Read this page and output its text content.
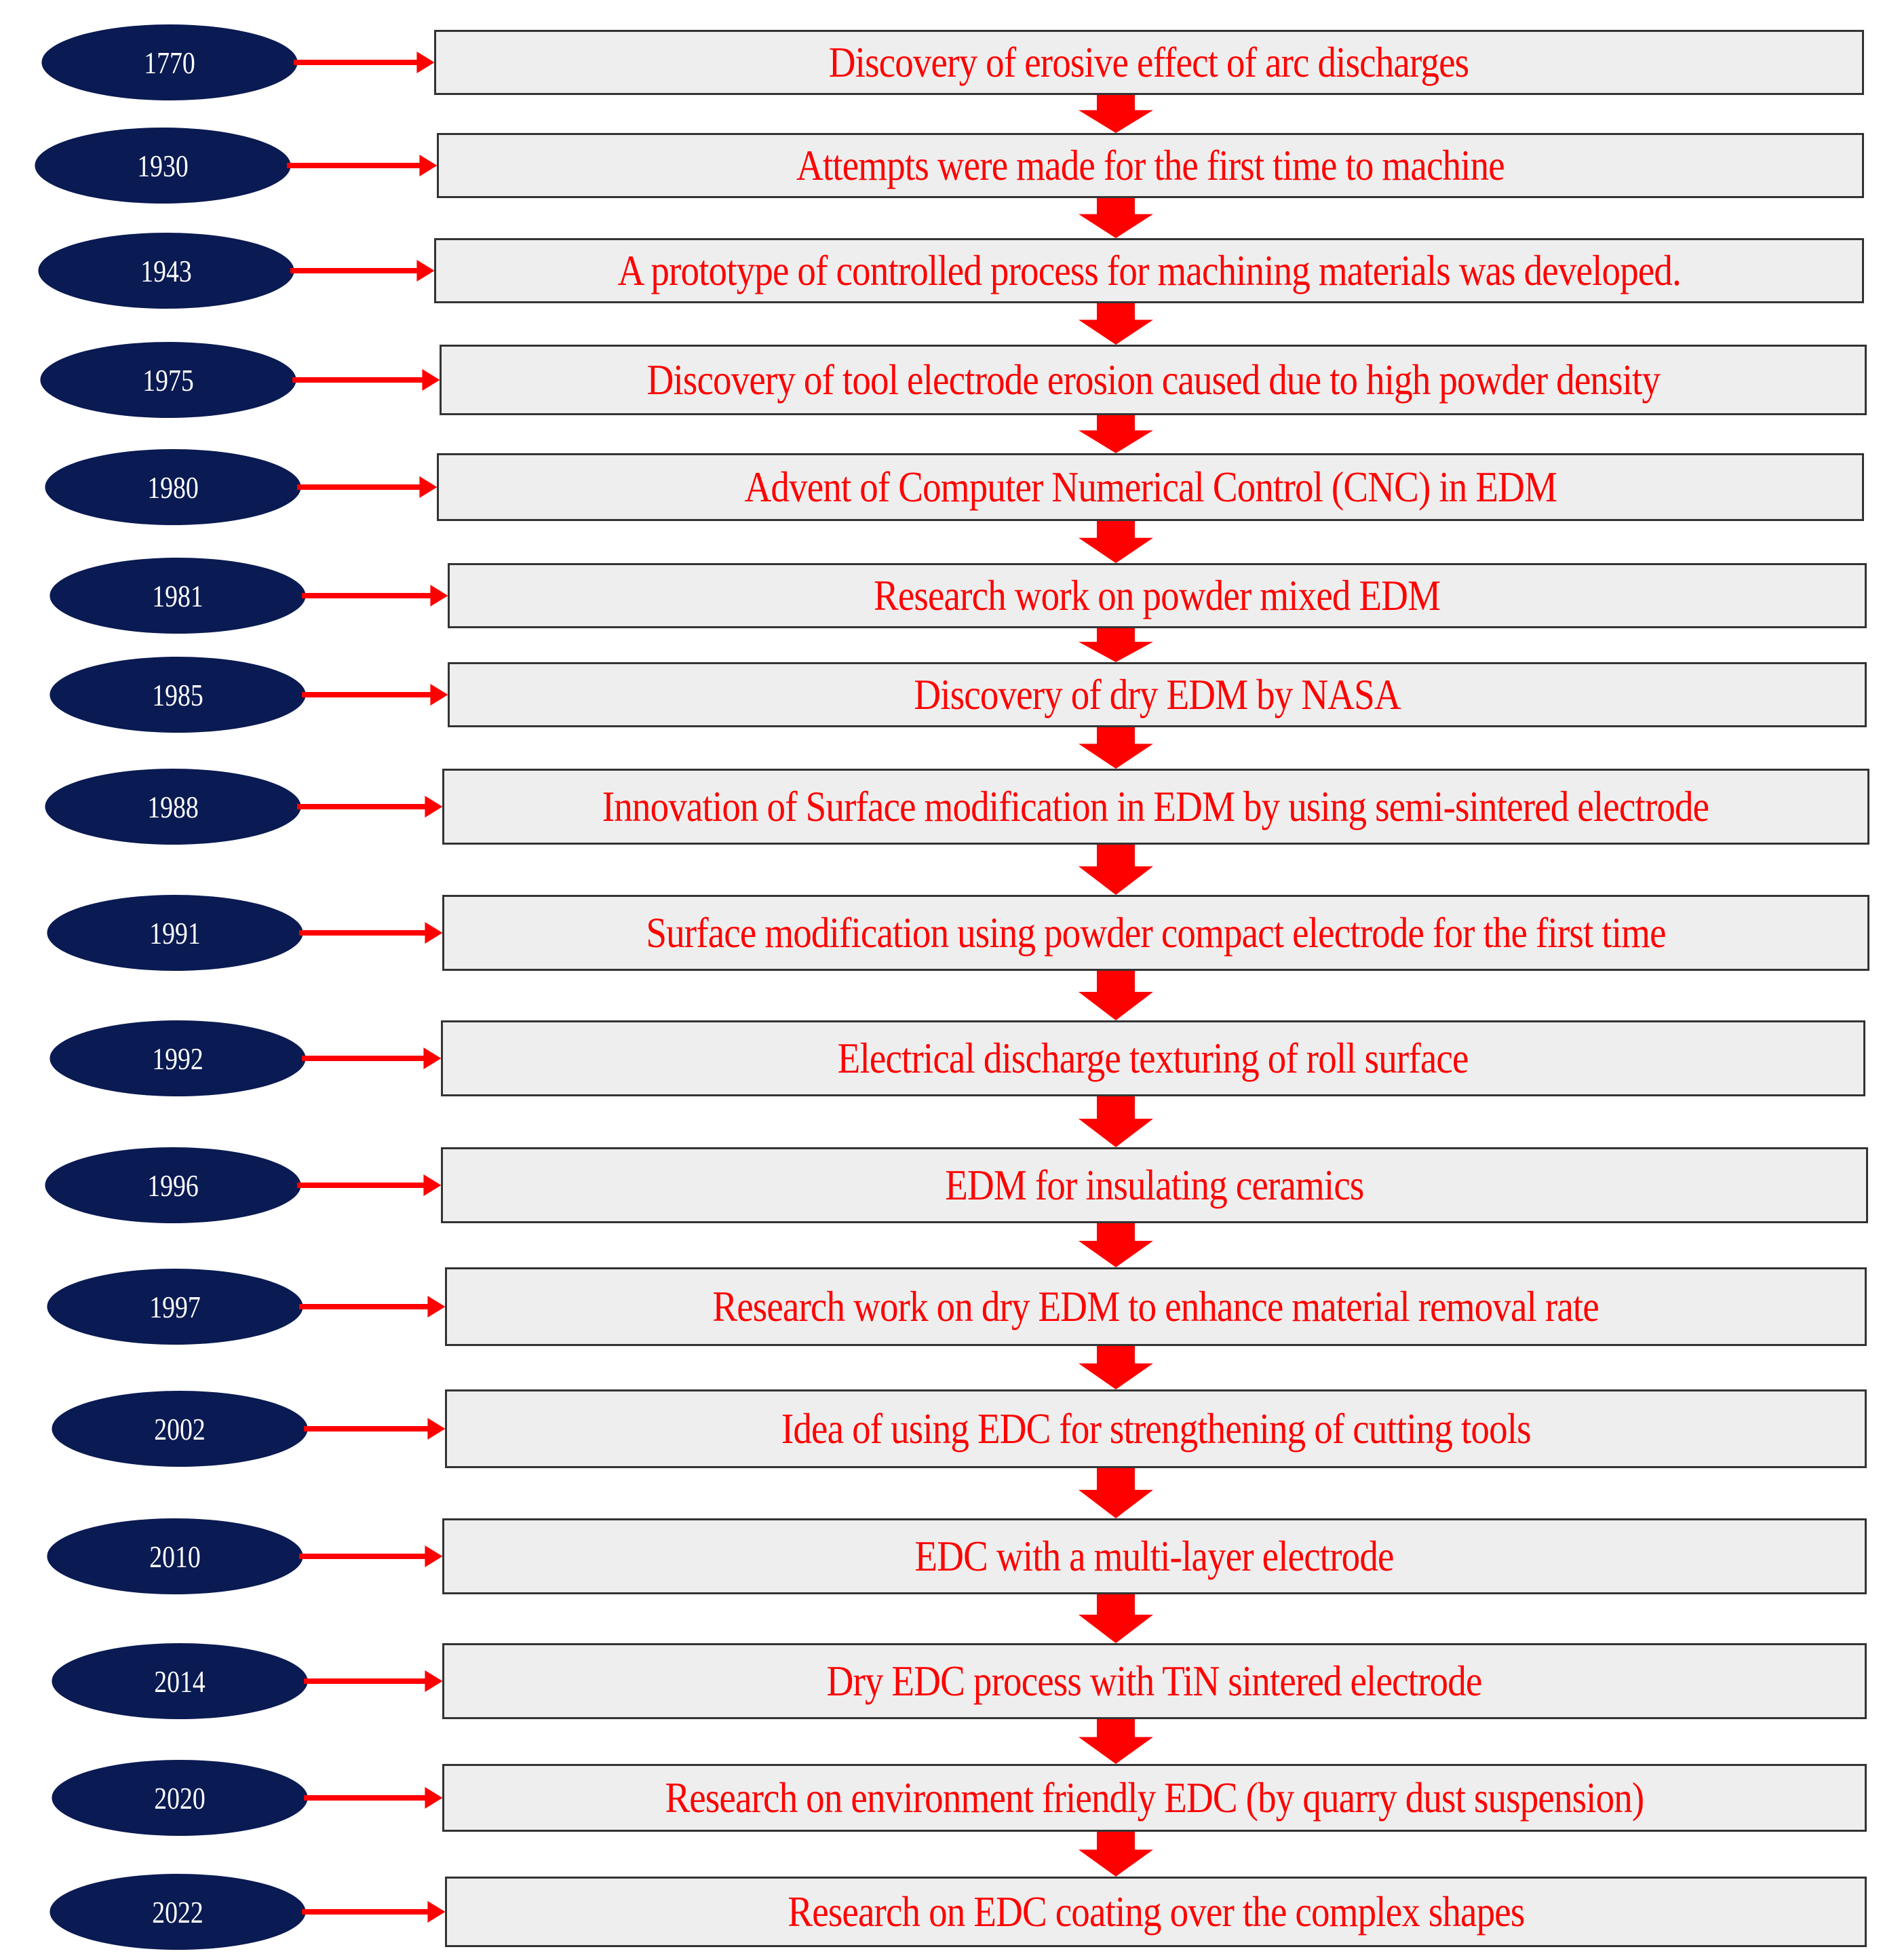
1770	Discovery of erosive effect of arc discharges
1930	Attempts were made for the first time to machine
1943	A prototype of controlled process for machining materials was developed.
1975	Discovery of tool electrode erosion caused due to high powder density
1980	Advent of Computer Numerical Control (CNC) in EDM
1981	Research work on powder mixed EDM
1985	Discovery of dry EDM by NASA
1988	Innovation of Surface modification in EDM by using semi-sintered electrode
1991	Surface modification using powder compact electrode for the first time
1992	Electrical discharge texturing of roll surface
1996	EDM for insulating ceramics
1997	Research work on dry EDM to enhance material removal rate
2002	Idea of using EDC for strengthening of cutting tools
2010	EDC with a multi-layer electrode
2014	Dry EDC process with TiN sintered electrode
2020	Research on environment friendly EDC (by quarry dust suspension)
2022	Research on EDC coating over the complex shapes
